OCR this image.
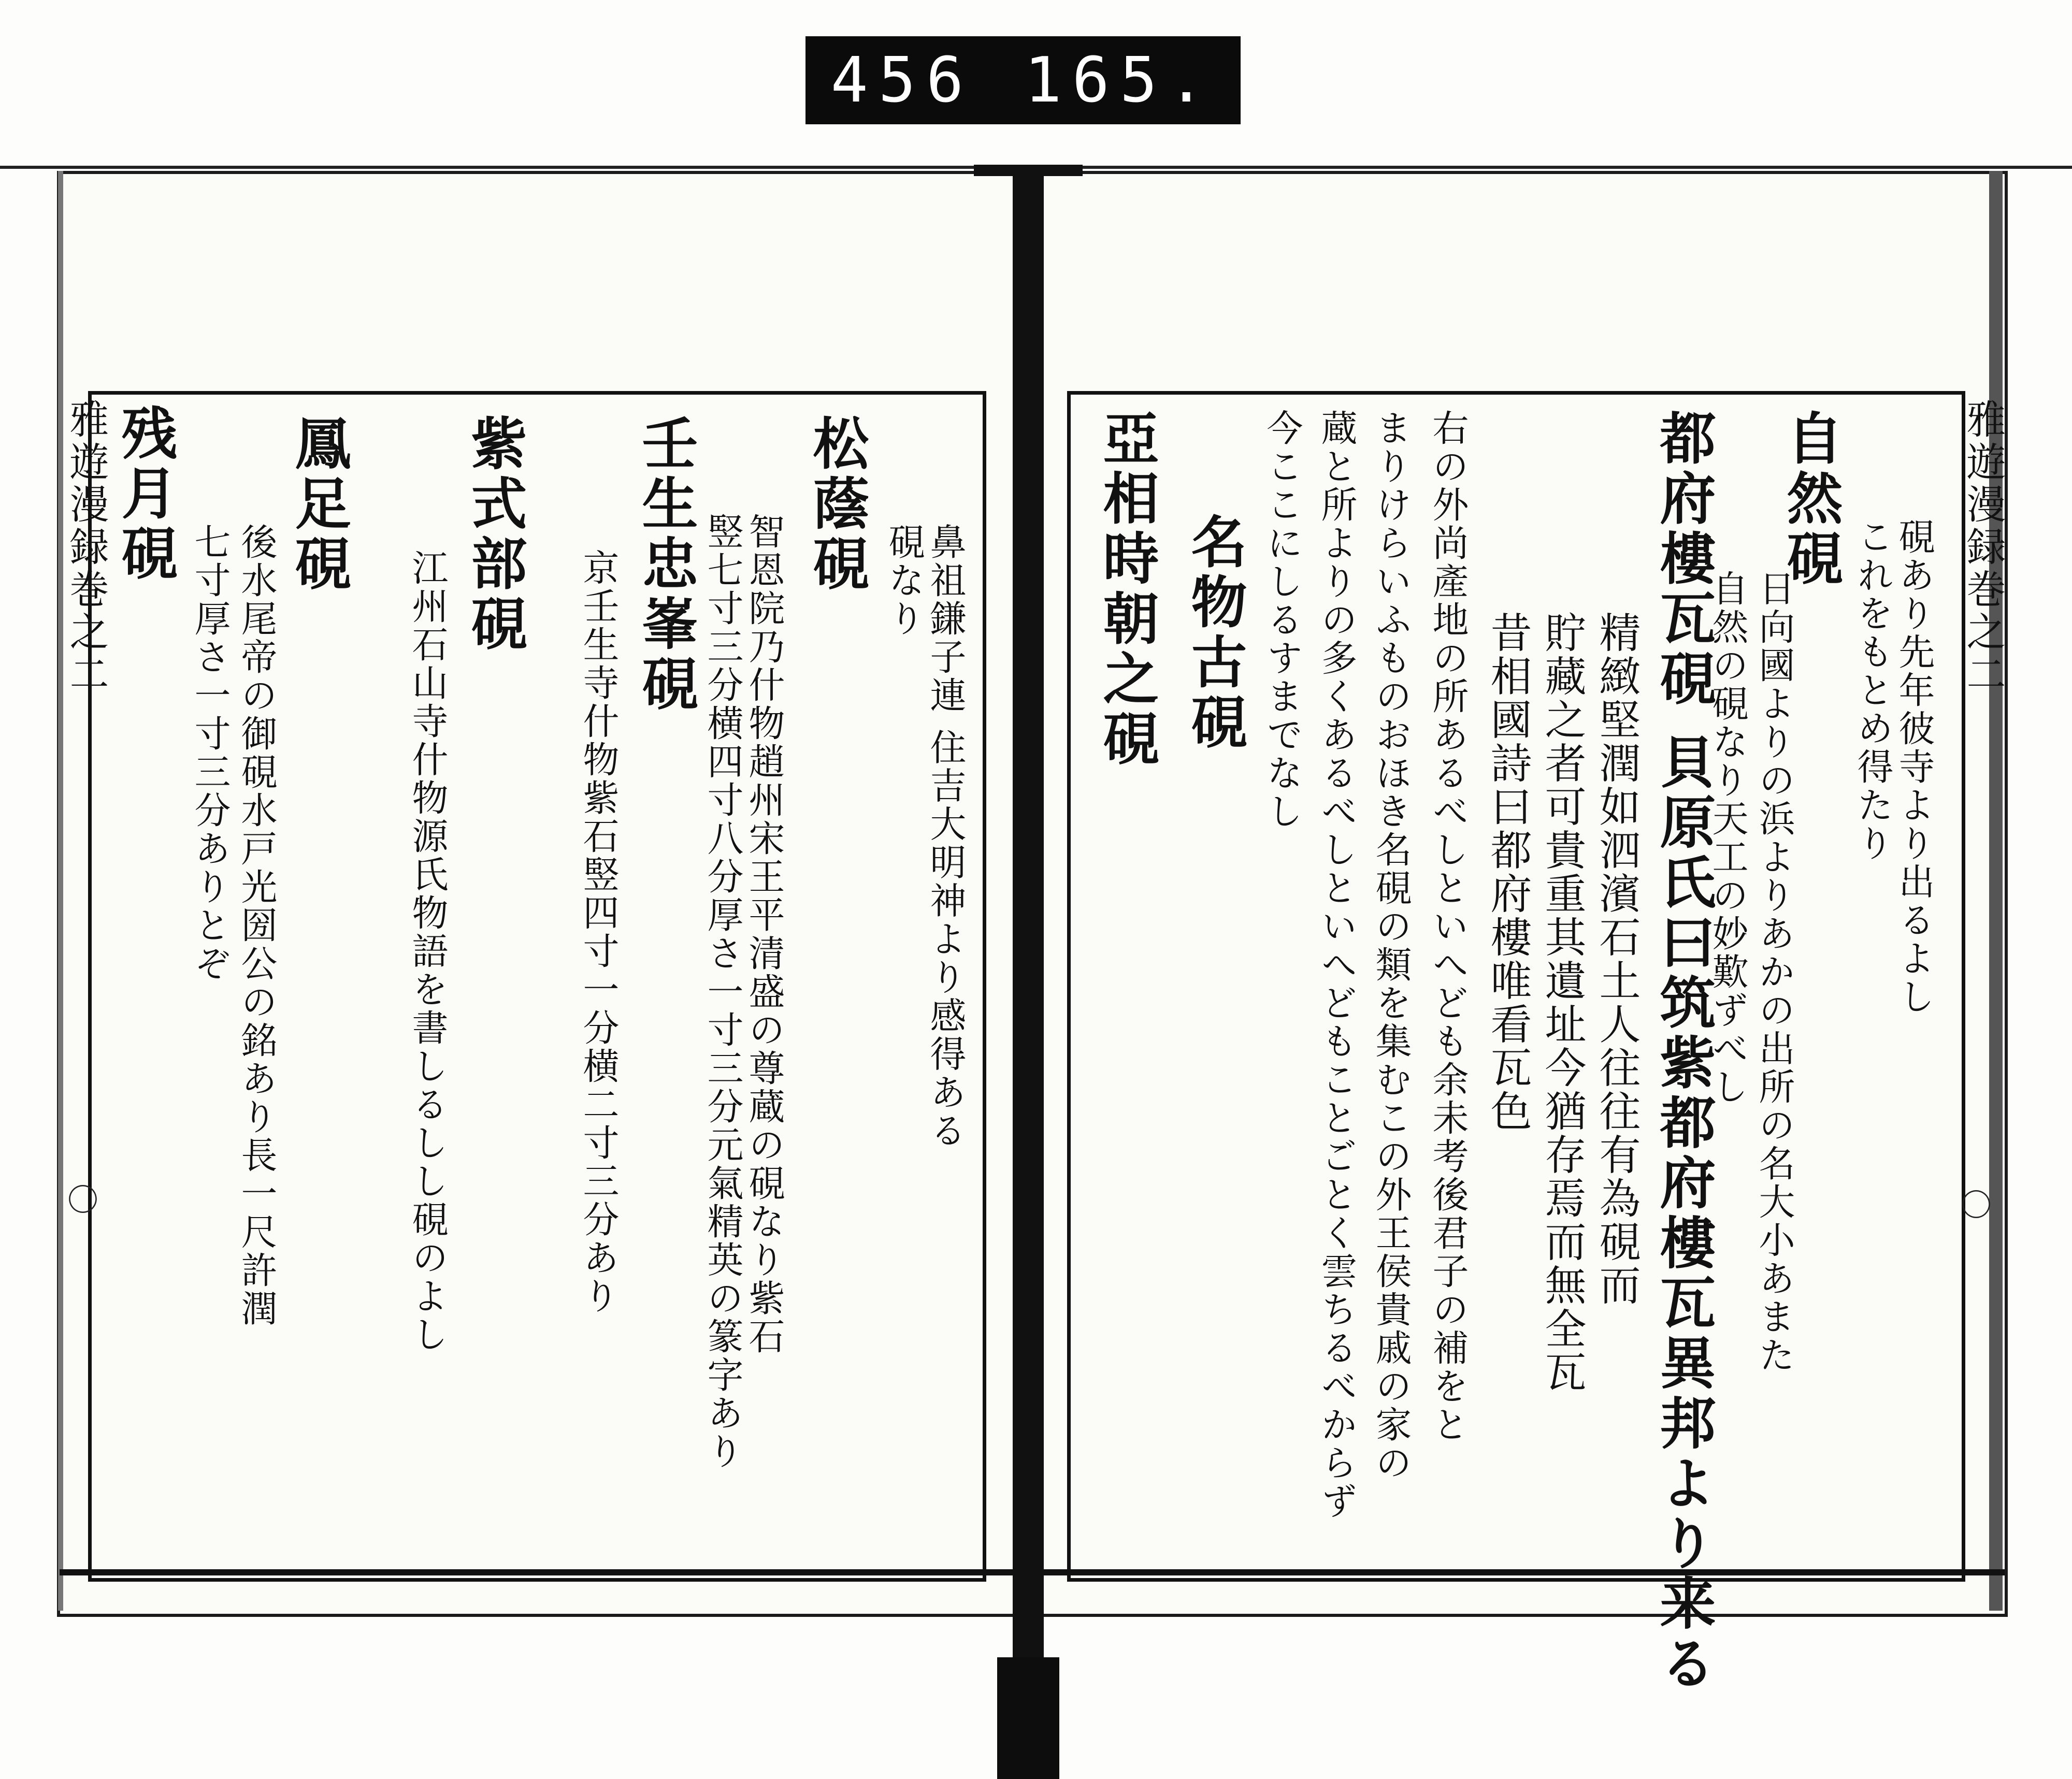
456 165.
雅遊漫録巻之二	雅遊漫録巻之二
〇	〇
鼻祖鎌子連 住吉大明神より感得ある
硯なり
松蔭硯
智恩院乃什物趙州宋王平清盛の尊蔵の硯なり紫石
竪七寸三分横四寸八分厚さ一寸三分元氣精英の篆字あり
壬生忠峯硯
京壬生寺什物紫石竪四寸一分横二寸三分あり
紫式部硯
江州石山寺什物源氏物語を書しるしし硯のよし
鳳足硯
後水尾帝の御硯水戸光圀公の銘あり長一尺許潤
七寸厚さ一寸三分ありとぞ
残月硯
硯あり先年彼寺より出るよし
これをもとめ得たり
自然硯
日向國よりの浜よりあかの出所の名大小あまた
自然の硯なり天工の妙歎ずべし
都府樓瓦硯 貝原氏曰筑紫都府樓瓦異邦より来る
精緻堅潤如泗濱石土人往往有為硯而
貯藏之者可貴重其遺址今猶存焉而無全瓦
昔相國詩曰都府樓唯看瓦色
右の外尚產地の所あるべしといへども余未考後君子の補をと
まりけらいふものおほき名硯の類を集むこの外王侯貴戚の家の
蔵と所よりの多くあるべしといへどもことごとく雲ちるべからず
今ここにしるすまでなし
名物古硯
亞相時朝之硯
